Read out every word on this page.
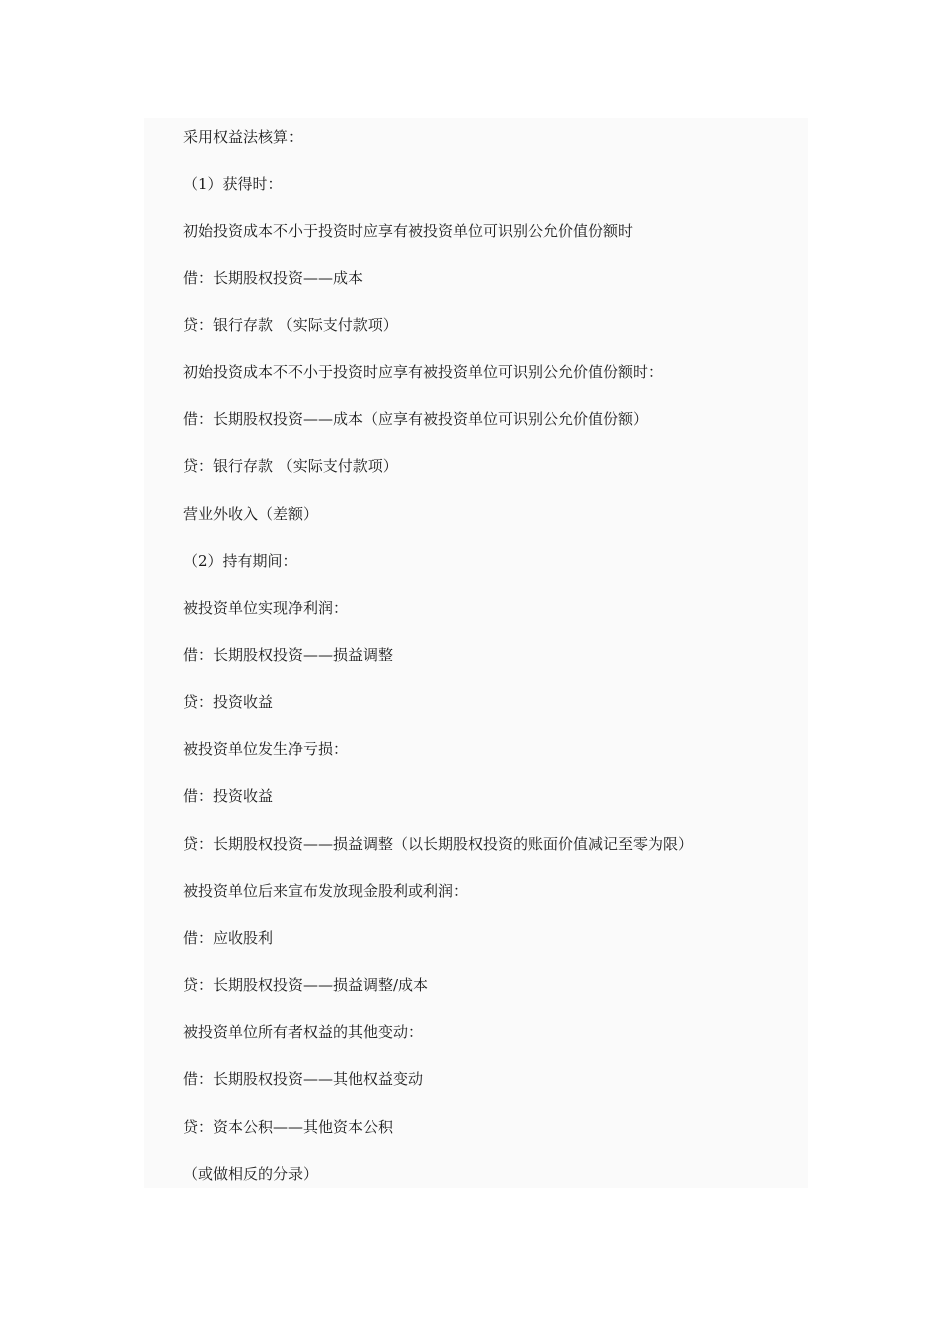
采用权益法核算：
（1）获得时：
初始投资成本不小于投资时应享有被投资单位可识别公允价值份额时
借：长期股权投资——成本
贷：银行存款 （实际支付款项）
初始投资成本不不小于投资时应享有被投资单位可识别公允价值份额时：
借：长期股权投资——成本（应享有被投资单位可识别公允价值份额）
贷：银行存款 （实际支付款项）
营业外收入（差额）
（2）持有期间：
被投资单位实现净利润：
借：长期股权投资——损益调整
贷：投资收益
被投资单位发生净亏损：
借：投资收益
贷：长期股权投资——损益调整（以长期股权投资的账面价值减记至零为限）
被投资单位后来宣布发放现金股利或利润：
借：应收股利
贷：长期股权投资——损益调整/成本
被投资单位所有者权益的其他变动：
借：长期股权投资——其他权益变动
贷：资本公积——其他资本公积
（或做相反的分录）
